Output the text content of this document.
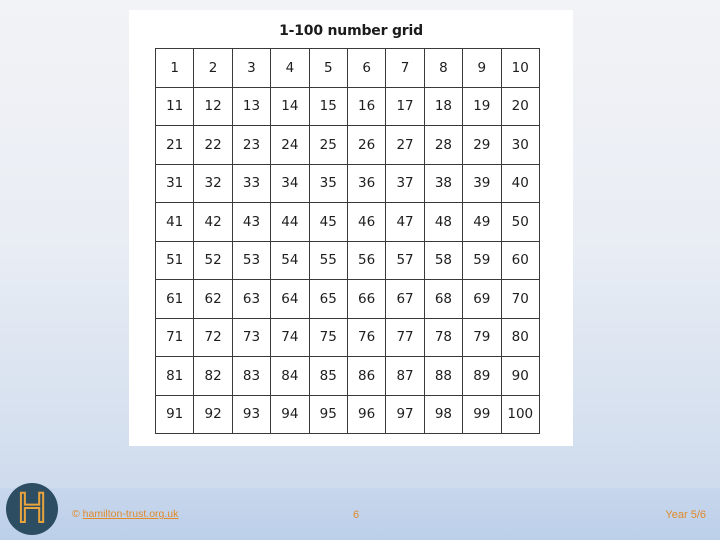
1-100 number grid
1	2	3	4	5	6	7	8	9	10
11	12	13	14	15	16	17	18	19	20
21	22	23	24	25	26	27	28	29	30
31	32	33	34	35	36	37	38	39	40
41	42	43	44	45	46	47	48	49	50
51	52	53	54	55	56	57	58	59	60
61	62	63	64	65	66	67	68	69	70
71	72	73	74	75	76	77	78	79	80
81	82	83	84	85	86	87	88	89	90
91	92	93	94	95	96	97	98	99	100
H	© hamilton-trust.org.uk	6	Year 5/6
